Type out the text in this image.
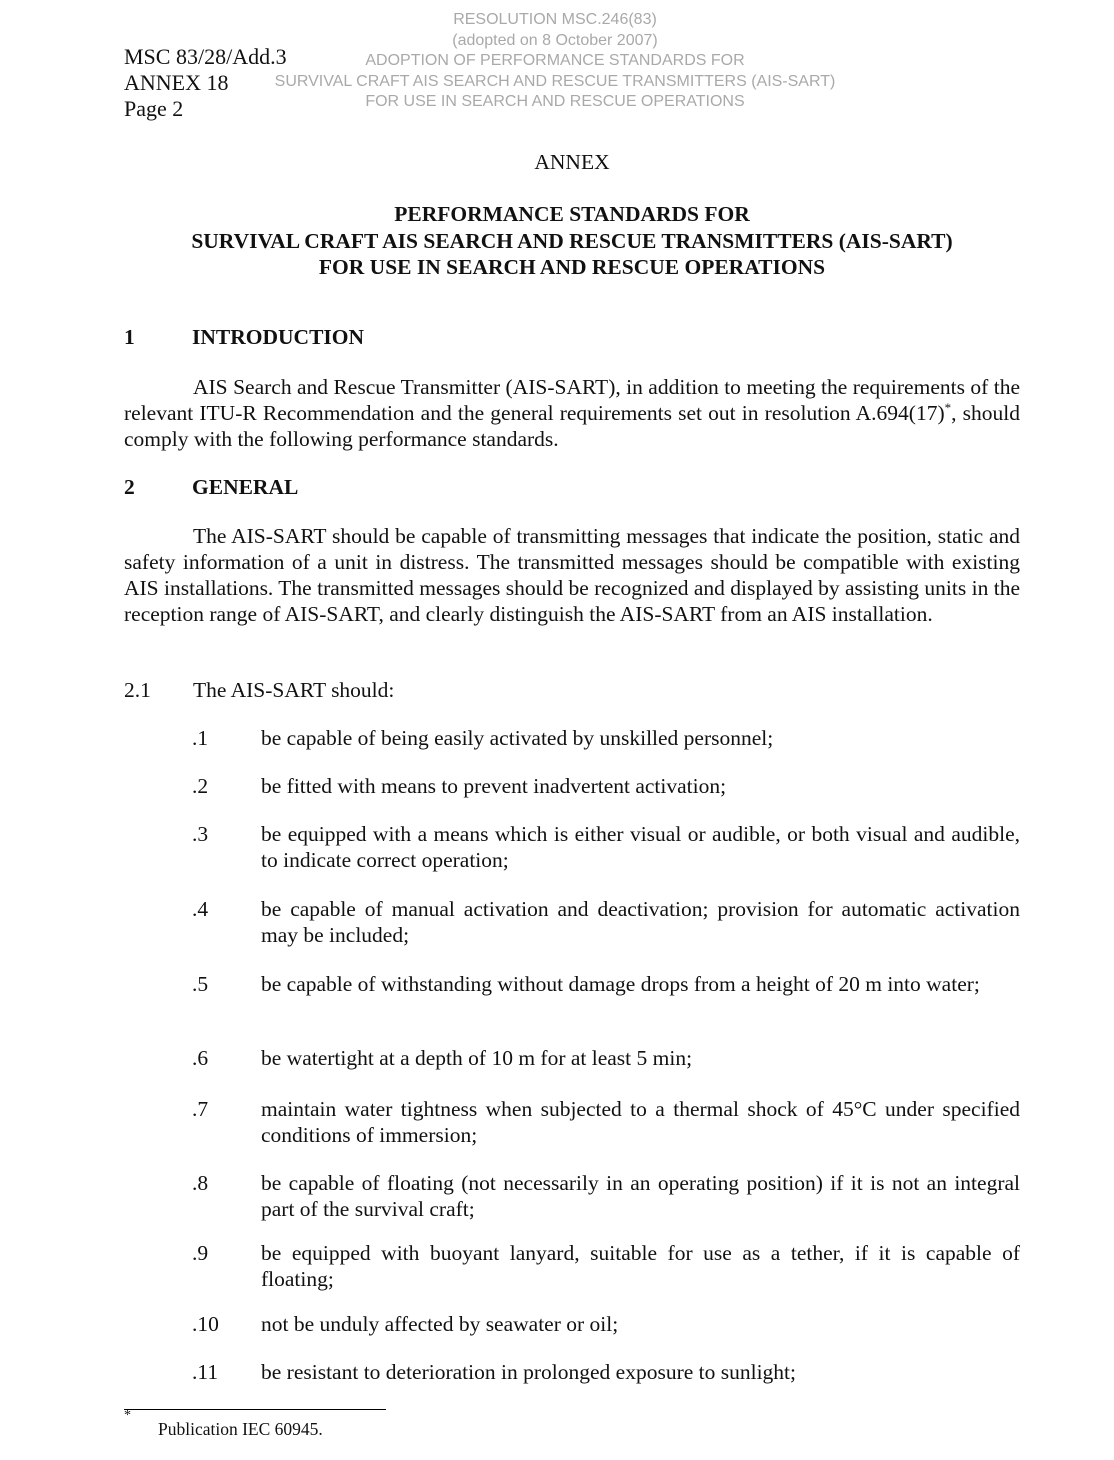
RESOLUTION MSC.246(83)
(adopted on 8 October 2007)
ADOPTION OF PERFORMANCE STANDARDS FOR
SURVIVAL CRAFT AIS SEARCH AND RESCUE TRANSMITTERS (AIS-SART)
FOR USE IN SEARCH AND RESCUE OPERATIONS
MSC 83/28/Add.3
ANNEX 18
Page 2
ANNEX
PERFORMANCE STANDARDS FOR
SURVIVAL CRAFT AIS SEARCH AND RESCUE TRANSMITTERS (AIS-SART)
FOR USE IN SEARCH AND RESCUE OPERATIONS
1	INTRODUCTION
AIS Search and Rescue Transmitter (AIS-SART), in addition to meeting the requirements of the relevant ITU-R Recommendation and the general requirements set out in resolution A.694(17)*, should comply with the following performance standards.
2	GENERAL
The AIS-SART should be capable of transmitting messages that indicate the position, static and safety information of a unit in distress. The transmitted messages should be compatible with existing AIS installations. The transmitted messages should be recognized and displayed by assisting units in the reception range of AIS-SART, and clearly distinguish the AIS-SART from an AIS installation.
2.1 The AIS-SART should:
.1 be capable of being easily activated by unskilled personnel;
.2 be fitted with means to prevent inadvertent activation;
.3 be equipped with a means which is either visual or audible, or both visual and audible, to indicate correct operation;
.4 be capable of manual activation and deactivation; provision for automatic activation may be included;
.5 be capable of withstanding without damage drops from a height of 20 m into water;
.6 be watertight at a depth of 10 m for at least 5 min;
.7 maintain water tightness when subjected to a thermal shock of 45°C under specified conditions of immersion;
.8 be capable of floating (not necessarily in an operating position) if it is not an integral part of the survival craft;
.9 be equipped with buoyant lanyard, suitable for use as a tether, if it is capable of floating;
.10 not be unduly affected by seawater or oil;
.11 be resistant to deterioration in prolonged exposure to sunlight;
*
Publication IEC 60945.
